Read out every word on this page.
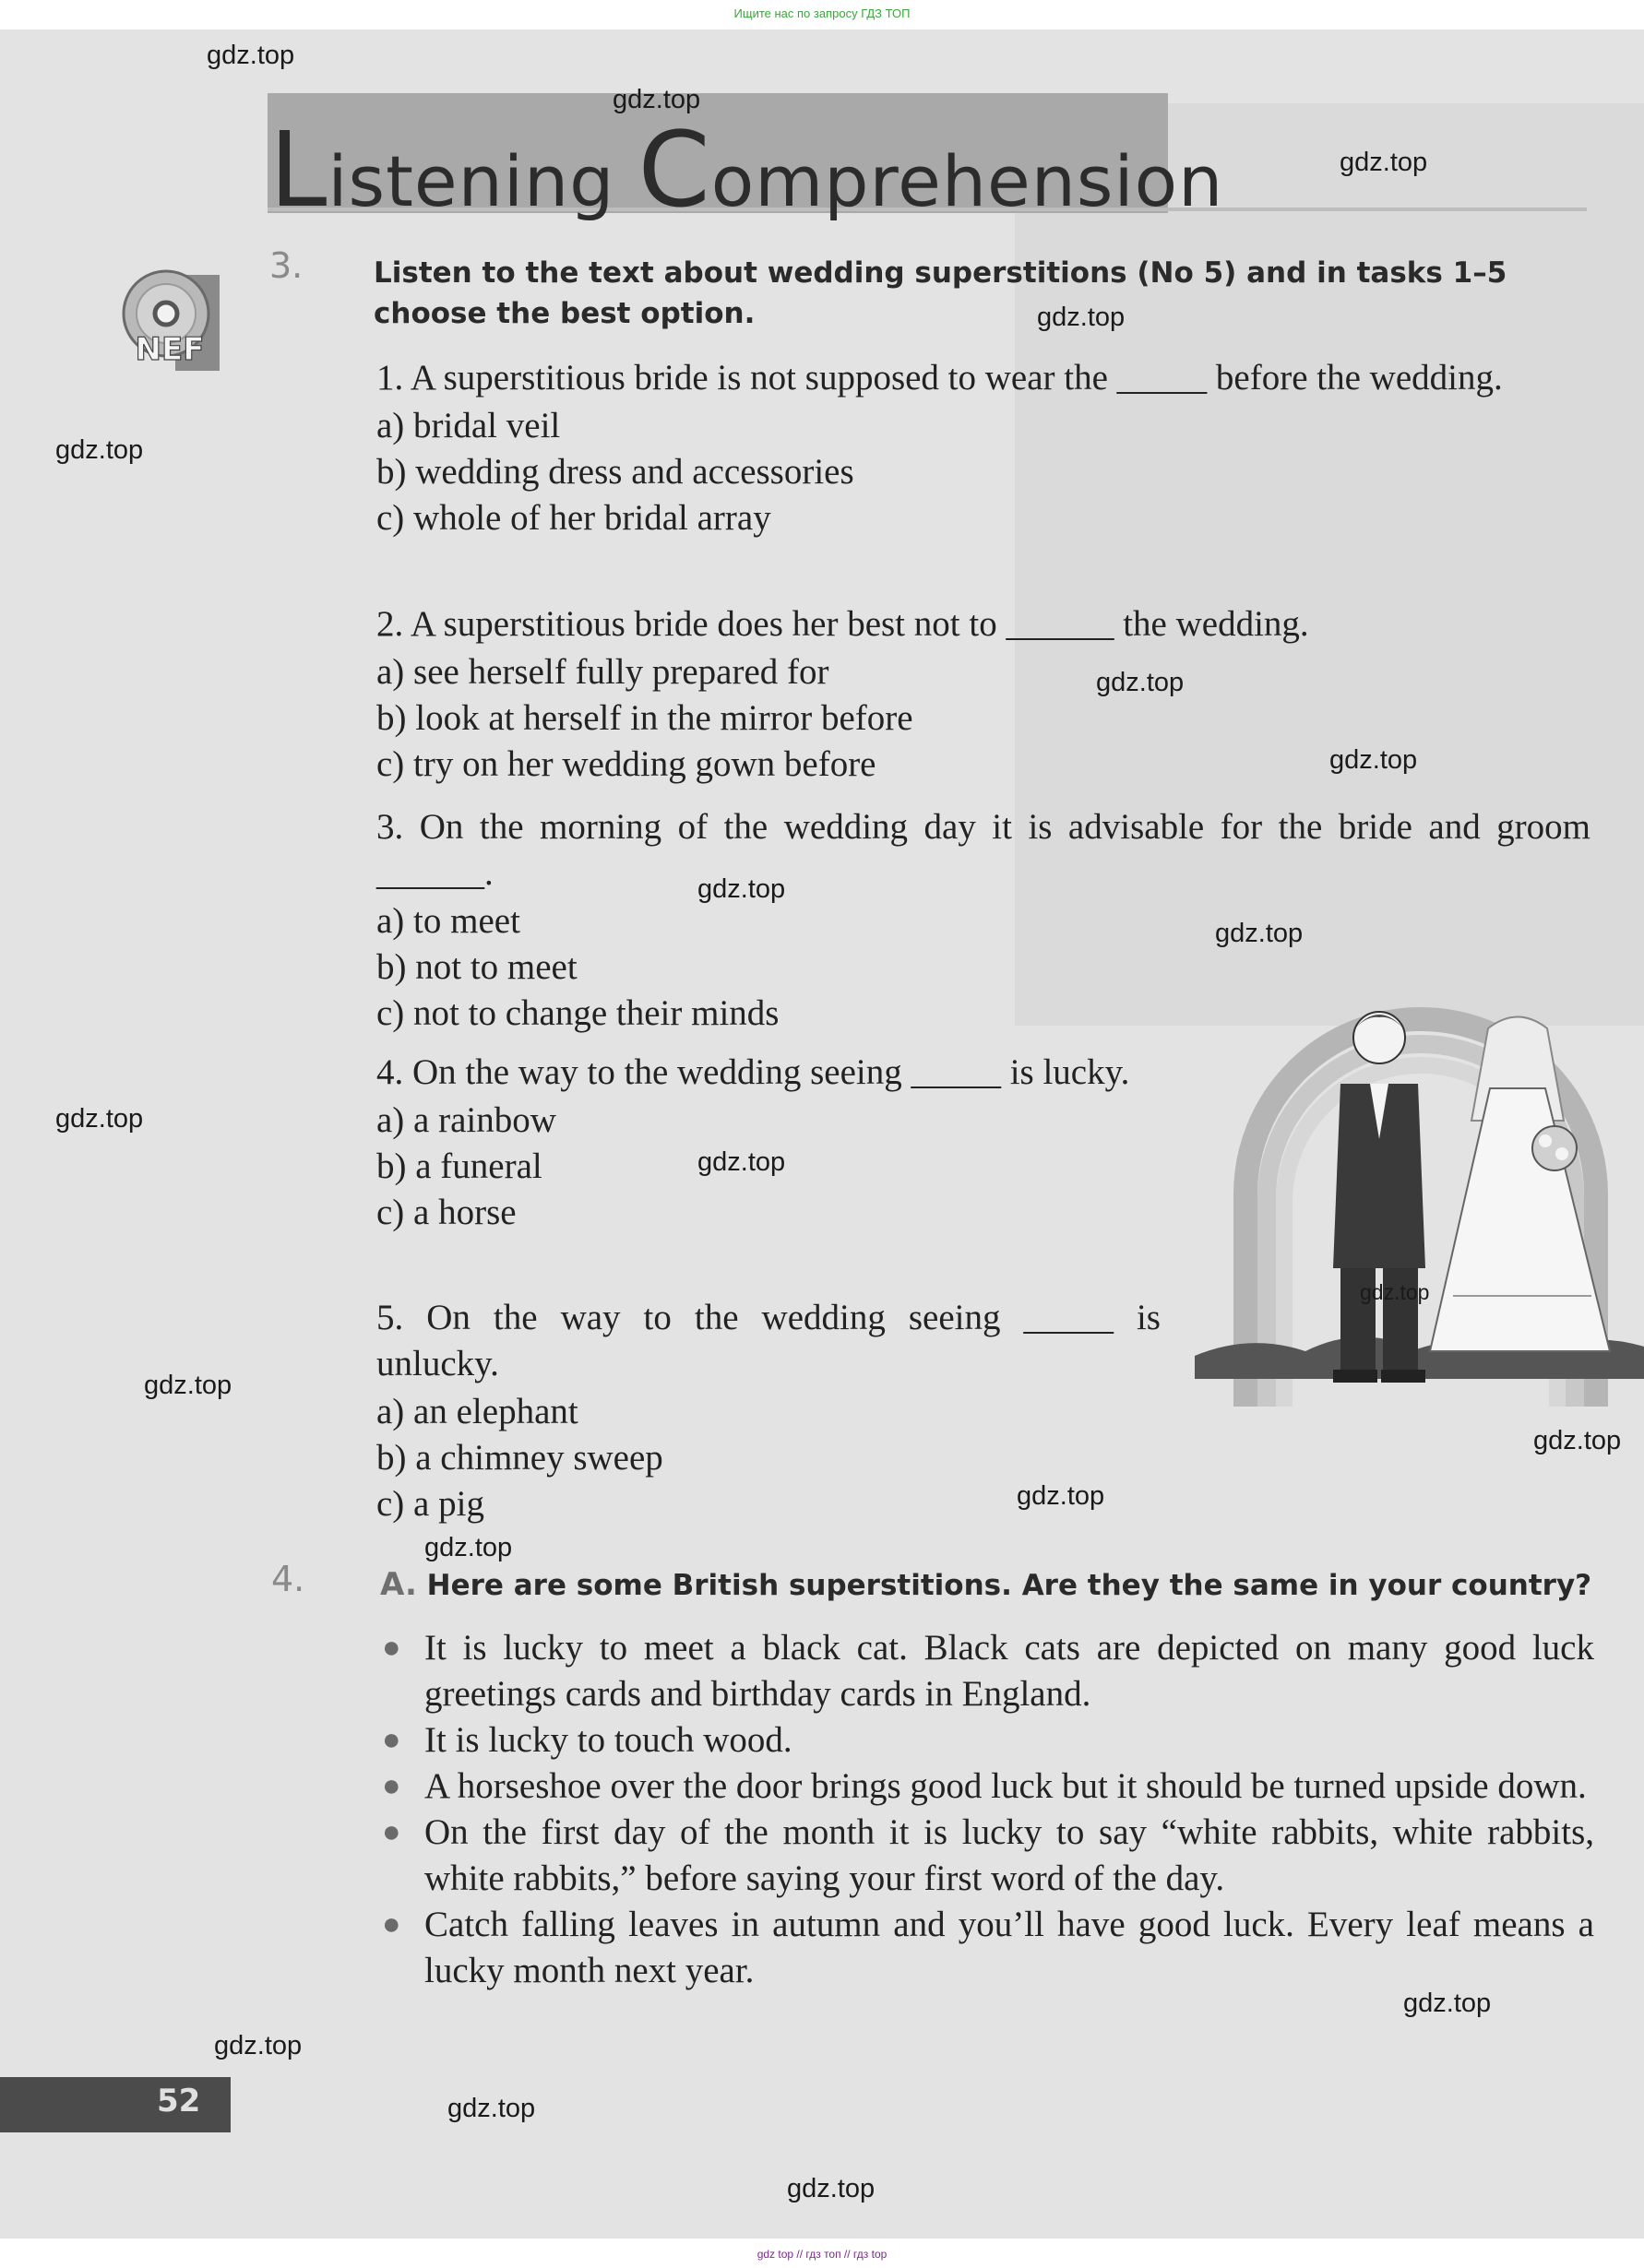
Ищите нас по запросу ГДЗ ТОП
Listening Comprehension
NEF
3. Listen to the text about wedding superstitions (No 5) and in tasks 1–5 choose the best option.
1. A superstitious bride is not supposed to wear the _____ before the wedding.
a) bridal veil
b) wedding dress and accessories
c) whole of her bridal array
2. A superstitious bride does her best not to ______ the wedding.
a) see herself fully prepared for
b) look at herself in the mirror before
c) try on her wedding gown before
3. On the morning of the wedding day it is advisable for the bride and groom ______.
a) to meet
b) not to meet
c) not to change their minds
4. On the way to the wedding seeing _____ is lucky.
a) a rainbow
b) a funeral
c) a horse
5. On the way to the wedding seeing _____ is unlucky.
a) an elephant
b) a chimney sweep
c) a pig
4. A. Here are some British superstitions. Are they the same in your country?
● It is lucky to meet a black cat. Black cats are depicted on many good luck greetings cards and birthday cards in England.
● It is lucky to touch wood.
● A horseshoe over the door brings good luck but it should be turned upside down.
● On the first day of the month it is lucky to say “white rabbits, white rabbits, white rabbits,” before saying your first word of the day.
● Catch falling leaves in autumn and you’ll have good luck. Every leaf means a lucky month next year.
52
gdz.top
gdz.top
gdz.top
gdz.top
gdz.top
gdz.top
gdz.top
gdz.top
gdz.top
gdz.top
gdz.top
gdz.top
gdz.top
gdz.top
gdz.top
gdz.top
gdz.top
gdz.top
gdz.top
gdz.top
gdz top // гдз топ // гдз top
